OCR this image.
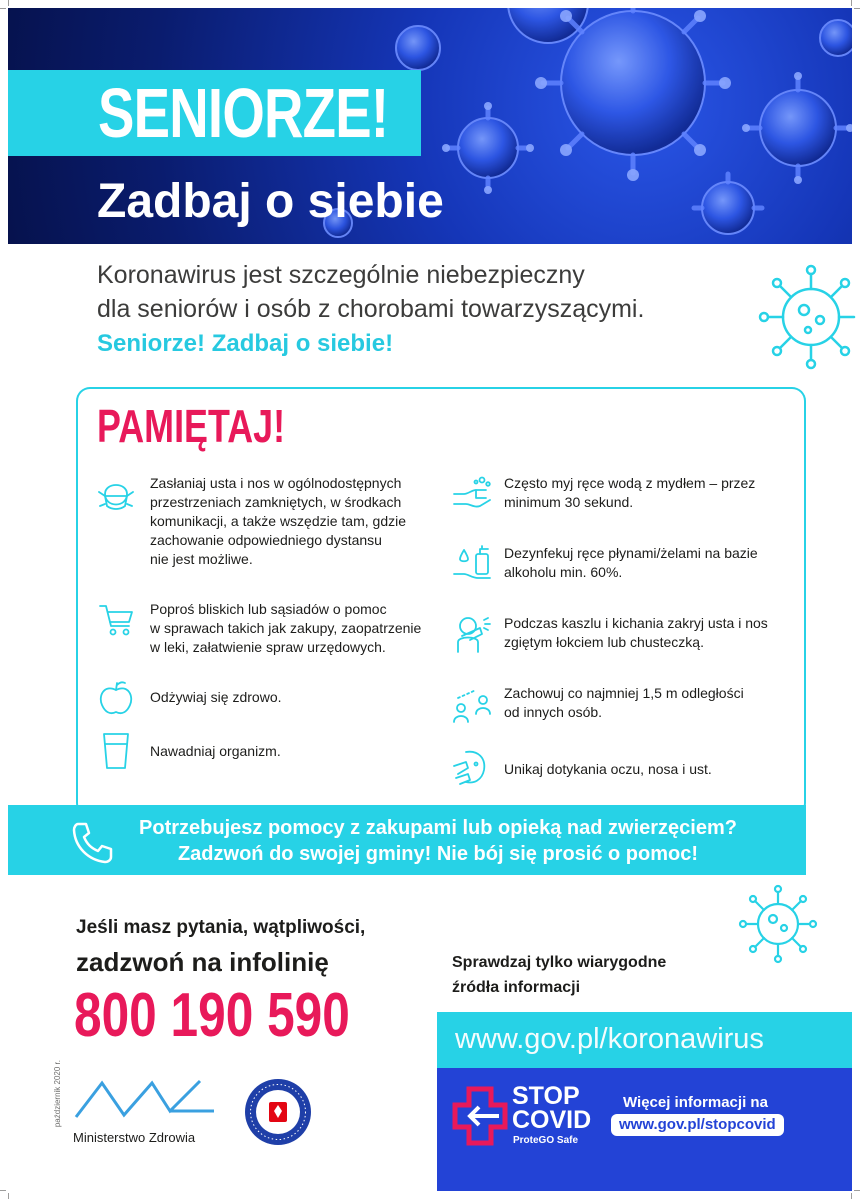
SENIORZE!
Zadbaj o siebie
Koronawirus jest szczególnie niebezpieczny
dla seniorów i osób z chorobami towarzyszącymi.
Seniorze! Zadbaj o siebie!
PAMIĘTAJ!
Zasłaniaj usta i nos w ogólnodostępnych
przestrzeniach zamkniętych, w środkach
komunikacji, a także wszędzie tam, gdzie
zachowanie odpowiedniego dystansu
nie jest możliwe.
Poproś bliskich lub sąsiadów o pomoc
w sprawach takich jak zakupy, zaopatrzenie
w leki, załatwienie spraw urzędowych.
Odżywiaj się zdrowo.
Nawadniaj organizm.
Często myj ręce wodą z mydłem – przez
minimum 30 sekund.
Dezynfekuj ręce płynami/żelami na bazie
alkoholu min. 60%.
Podczas kaszlu i kichania zakryj usta i nos
zgiętym łokciem lub chusteczką.
Zachowuj co najmniej 1,5 m odległości
od innych osób.
Unikaj dotykania oczu, nosa i ust.
Potrzebujesz pomocy z zakupami lub opieką nad zwierzęciem?
Zadzwoń do swojej gminy! Nie bój się prosić o pomoc!
Jeśli masz pytania, wątpliwości,
zadzwoń na infolinię
800 190 590
październik 2020 r.
Ministerstwo Zdrowia
Sprawdzaj tylko wiarygodne
źródła informacji
www.gov.pl/koronawirus
STOP
COVID
ProteGO Safe
Więcej informacji na
www.gov.pl/stopcovid
